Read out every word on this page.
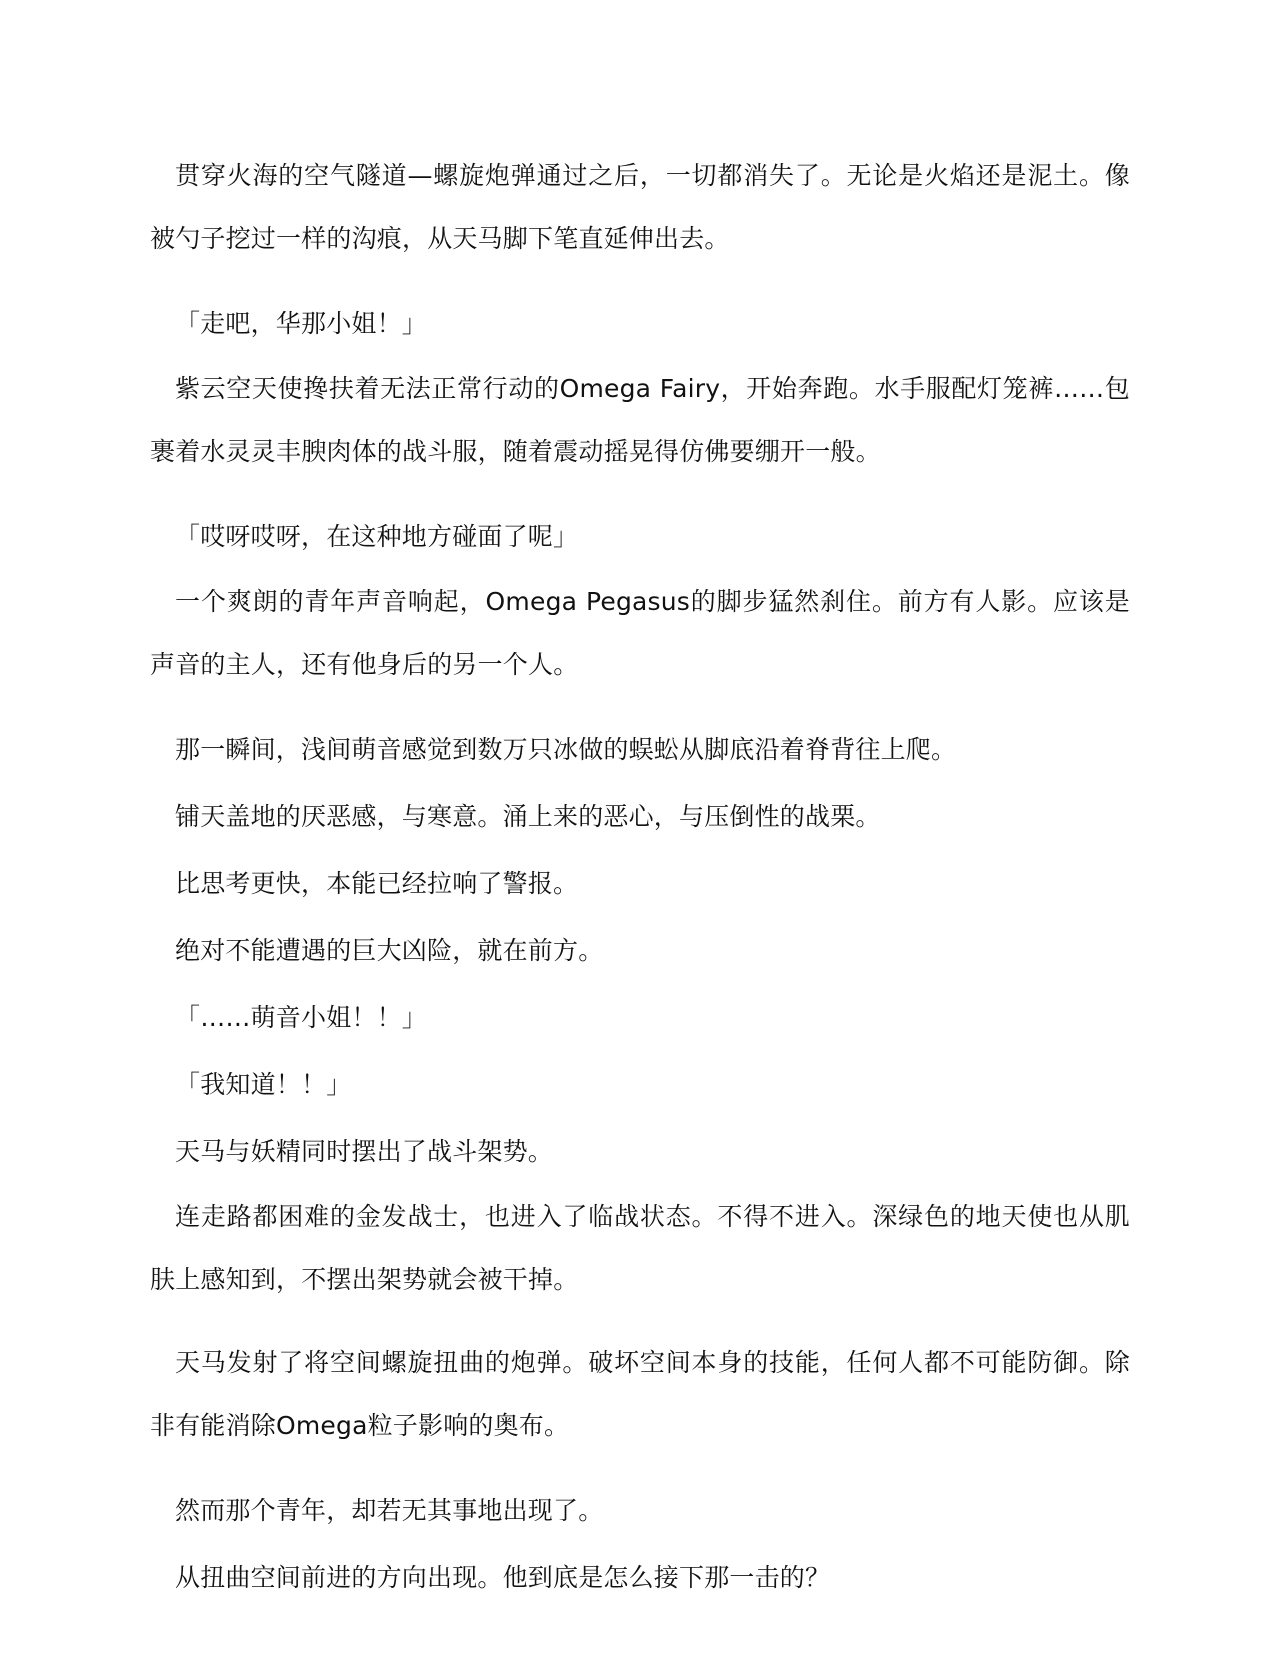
贯穿火海的空气隧道—螺旋炮弹通过之后，一切都消失了。无论是火焰还是泥土。像被勺子挖过一样的沟痕，从天马脚下笔直延伸出去。

「走吧，华那小姐！」

紫云空天使搀扶着无法正常行动的Omega Fairy，开始奔跑。水手服配灯笼裤……包裹着水灵灵丰腴肉体的战斗服，随着震动摇晃得仿佛要绷开一般。

「哎呀哎呀，在这种地方碰面了呢」

一个爽朗的青年声音响起，Omega Pegasus的脚步猛然刹住。前方有人影。应该是声音的主人，还有他身后的另一个人。

那一瞬间，浅间萌音感觉到数万只冰做的蜈蚣从脚底沿着脊背往上爬。

铺天盖地的厌恶感，与寒意。涌上来的恶心，与压倒性的战栗。

比思考更快，本能已经拉响了警报。

绝对不能遭遇的巨大凶险，就在前方。

「……萌音小姐！！」

「我知道！！」

天马与妖精同时摆出了战斗架势。

连走路都困难的金发战士，也进入了临战状态。不得不进入。深绿色的地天使也从肌肤上感知到，不摆出架势就会被干掉。

天马发射了将空间螺旋扭曲的炮弹。破坏空间本身的技能，任何人都不可能防御。除非有能消除Omega粒子影响的奥布。

然而那个青年，却若无其事地出现了。

从扭曲空间前进的方向出现。他到底是怎么接下那一击的？
